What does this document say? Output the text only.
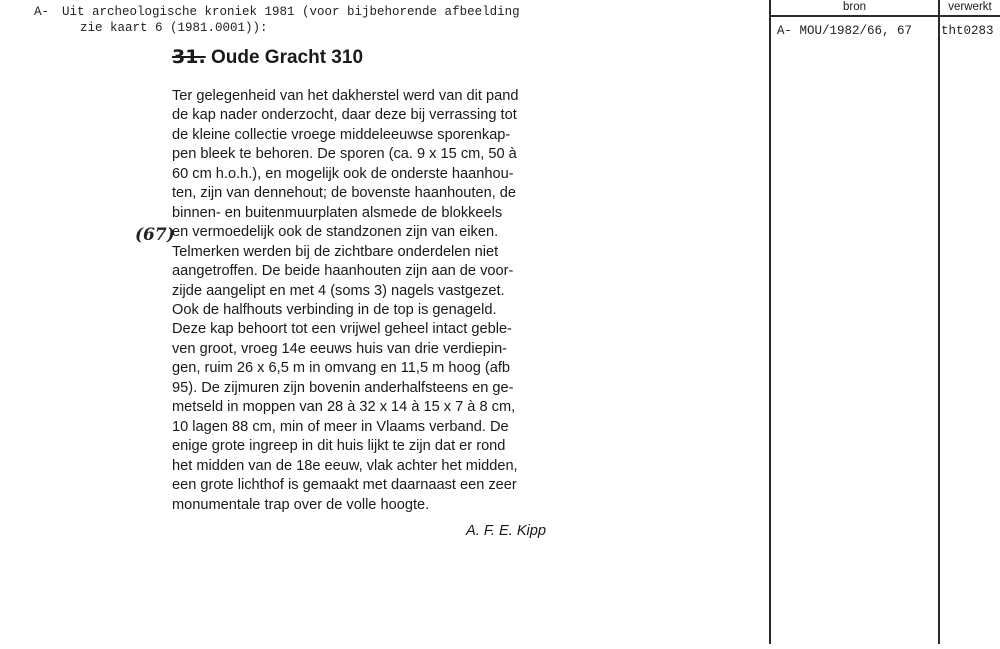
A- Uit archeologische kroniek 1981 (voor bijbehorende afbeelding
zie kaart 6 (1981.0001)):
31. Oude Gracht 310
(67)
Ter gelegenheid van het dakherstel werd van dit pand
de kap nader onderzocht, daar deze bij verrassing tot
de kleine collectie vroege middeleeuwse sporenkap-
pen bleek te behoren. De sporen (ca. 9 x 15 cm, 50 à
60 cm h.o.h.), en mogelijk ook de onderste haanhou-
ten, zijn van dennehout; de bovenste haanhouten, de
binnen- en buitenmuurplaten alsmede de blokkeels
en vermoedelijk ook de standzonen zijn van eiken.
Telmerken werden bij de zichtbare onderdelen niet
aangetroffen. De beide haanhouten zijn aan de voor-
zijde aangelipt en met 4 (soms 3) nagels vastgezet.
Ook de halfhouts verbinding in de top is genageld.
Deze kap behoort tot een vrijwel geheel intact geble-
ven groot, vroeg 14e eeuws huis van drie verdiepin-
gen, ruim 26 x 6,5 m in omvang en 11,5 m hoog (afb
95). De zijmuren zijn bovenin anderhalfsteens en ge-
metseld in moppen van 28 à 32 x 14 à 15 x 7 à 8 cm,
10 lagen 88 cm, min of meer in Vlaams verband. De
enige grote ingreep in dit huis lijkt te zijn dat er rond
het midden van de 18e eeuw, vlak achter het midden,
een grote lichthof is gemaakt met daarnaast een zeer
monumentale trap over de volle hoogte.
A. F. E. Kipp
bron	verwerkt
A- MOU/1982/66, 67 tht0283
